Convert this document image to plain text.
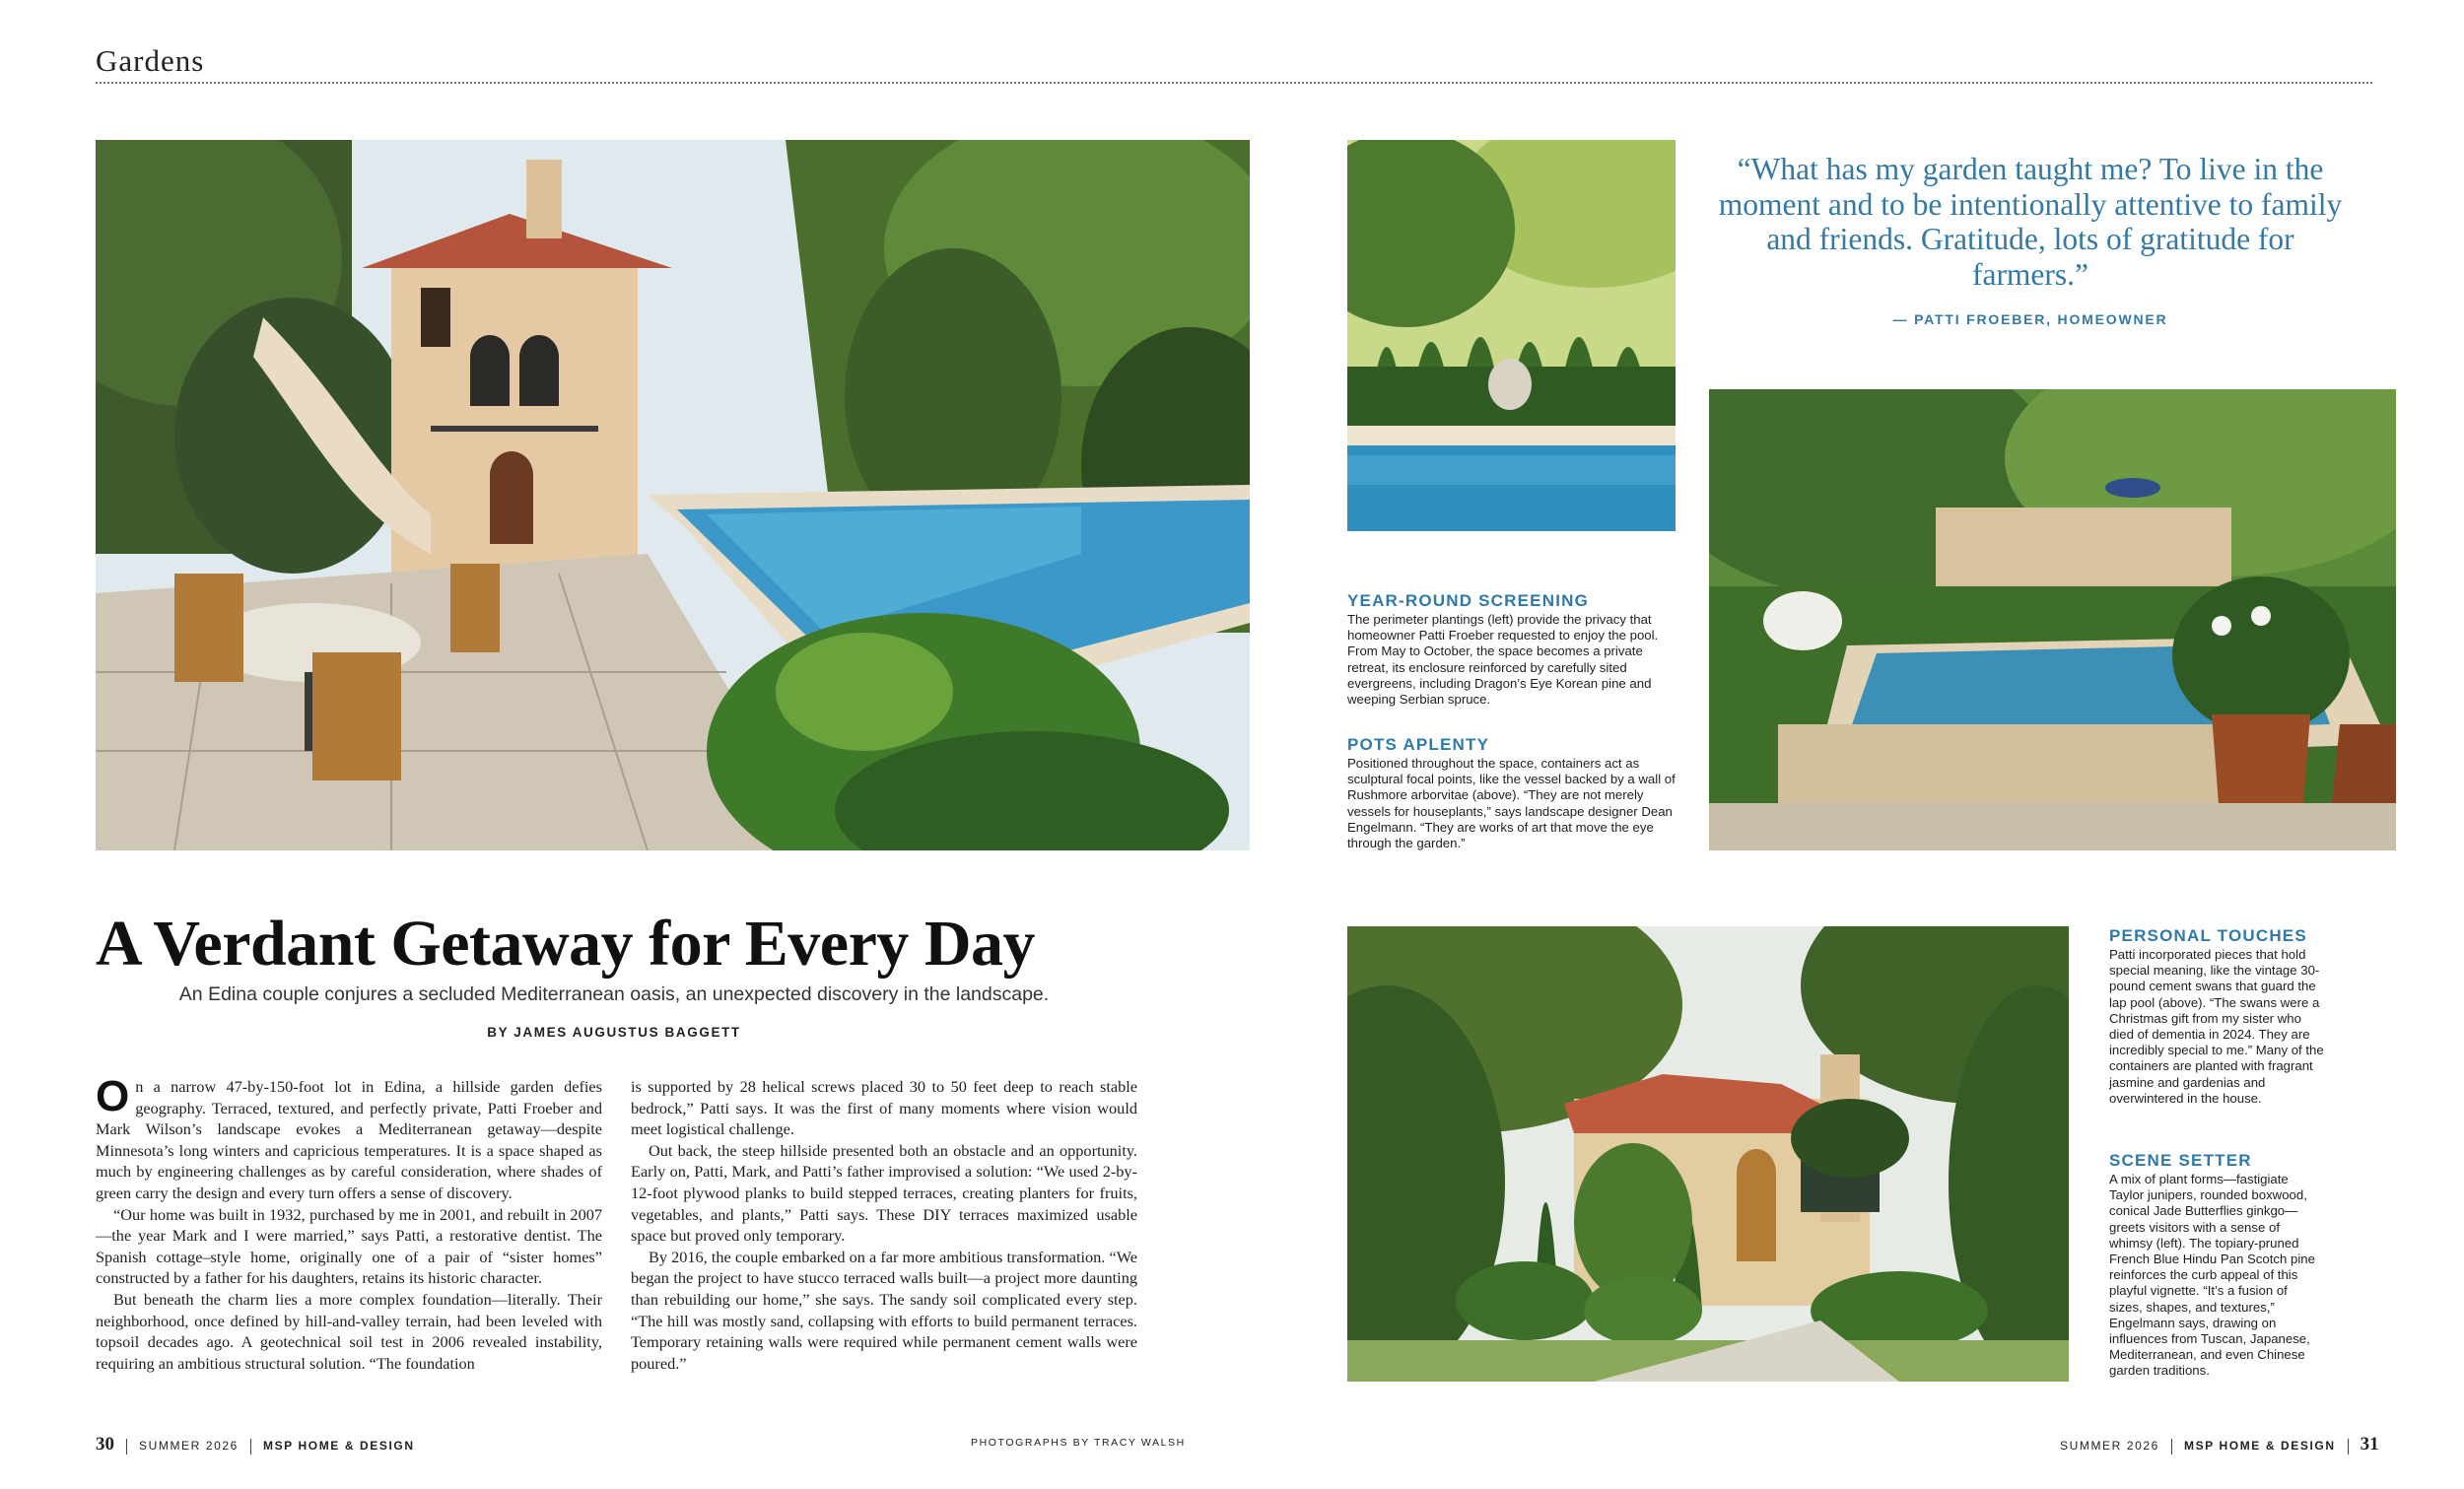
Gardens
“What has my garden taught me? To live in the moment and to be intentionally attentive to family and friends. Gratitude, lots of gratitude for farmers.”
— PATTI FROEBER, HOMEOWNER
YEAR-ROUND SCREENING
The perimeter plantings (left) provide the privacy that homeowner Patti Froeber requested to enjoy the pool. From May to October, the space becomes a private retreat, its enclosure reinforced by carefully sited evergreens, including Dragon’s Eye Korean pine and weeping Serbian spruce.
POTS APLENTY
Positioned throughout the space, containers act as sculptural focal points, like the vessel backed by a wall of Rushmore arborvitae (above). “They are not merely vessels for houseplants,” says landscape designer Dean Engelmann. “They are works of art that move the eye through the garden.”
PERSONAL TOUCHES
Patti incorporated pieces that hold special meaning, like the vintage 30-pound cement swans that guard the lap pool (above). “The swans were a Christmas gift from my sister who died of dementia in 2024. They are incredibly special to me.” Many of the containers are planted with fragrant jasmine and gardenias and overwintered in the house.
SCENE SETTER
A mix of plant forms—fastigiate Taylor junipers, rounded boxwood, conical Jade Butterflies ginkgo—greets visitors with a sense of whimsy (left). The topiary-pruned French Blue Hindu Pan Scotch pine reinforces the curb appeal of this playful vignette. “It’s a fusion of sizes, shapes, and textures,” Engelmann says, drawing on influences from Tuscan, Japanese, Mediterranean, and even Chinese garden traditions.
A Verdant Getaway for Every Day
An Edina couple conjures a secluded Mediterranean oasis, an unexpected discovery in the landscape.
BY JAMES AUGUSTUS BAGGETT

On a narrow 47-by-150-foot lot in Edina, a hillside garden defies geography. Terraced, textured, and perfectly private, Patti Froeber and Mark Wilson’s landscape evokes a Mediterranean getaway—despite Minnesota’s long winters and capricious temperatures. It is a space shaped as much by engineering challenges as by careful consideration, where shades of green carry the design and every turn offers a sense of discovery.

“Our home was built in 1932, purchased by me in 2001, and rebuilt in 2007—the year Mark and I were married,” says Patti, a restorative dentist. The Spanish cottage–style home, originally one of a pair of “sister homes” constructed by a father for his daughters, retains its historic character.

But beneath the charm lies a more complex foundation—literally. Their neighborhood, once defined by hill-and-valley terrain, had been leveled with topsoil decades ago. A geotechnical soil test in 2006 revealed instability, requiring an ambitious structural solution. “The foundation

is supported by 28 helical screws placed 30 to 50 feet deep to reach stable bedrock,” Patti says. It was the first of many moments where vision would meet logistical challenge.

Out back, the steep hillside presented both an obstacle and an opportunity. Early on, Patti, Mark, and Patti’s father improvised a solution: “We used 2-by-12-foot plywood planks to build stepped terraces, creating planters for fruits, vegetables, and plants,” Patti says. These DIY terraces maximized usable space but proved only temporary.

By 2016, the couple embarked on a far more ambitious transformation. “We began the project to have stucco terraced walls built—a project more daunting than rebuilding our home,” she says. The sandy soil complicated every step. “The hill was mostly sand, collapsing with efforts to build permanent terraces. Temporary retaining walls were required while permanent cement walls were poured.”

30 SUMMER 2026 MSP HOME & DESIGN	PHOTOGRAPHS BY TRACY WALSH	SUMMER 2026 MSP HOME & DESIGN 31
